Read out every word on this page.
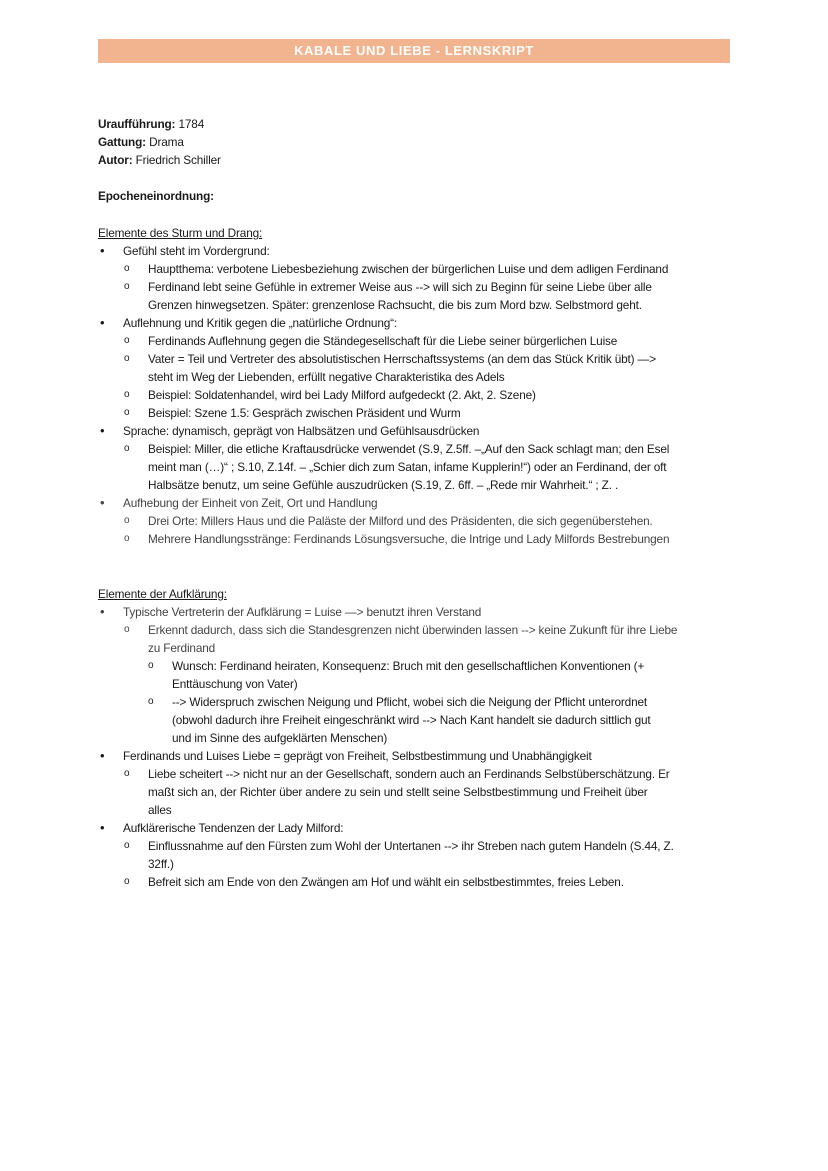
KABALE UND LIEBE - LERNSKRIPT
Uraufführung: 1784
Gattung: Drama
Autor: Friedrich Schiller
Epocheneinordnung:
Elemente des Sturm und Drang:
• Gefühl steht im Vordergrund:
o Hauptthema: verbotene Liebesbeziehung zwischen der bürgerlichen Luise und dem adligen Ferdinand
o Ferdinand lebt seine Gefühle in extremer Weise aus --> will sich zu Beginn für seine Liebe über alle
Grenzen hinwegsetzen. Später: grenzenlose Rachsucht, die bis zum Mord bzw. Selbstmord geht.
• Auflehnung und Kritik gegen die „natürliche Ordnung“:
o Ferdinands Auflehnung gegen die Ständegesellschaft für die Liebe seiner bürgerlichen Luise
o Vater = Teil und Vertreter des absolutistischen Herrschaftssystems (an dem das Stück Kritik übt) —>
steht im Weg der Liebenden, erfüllt negative Charakteristika des Adels
o Beispiel: Soldatenhandel, wird bei Lady Milford aufgedeckt (2. Akt, 2. Szene)
o Beispiel: Szene 1.5: Gespräch zwischen Präsident und Wurm
• Sprache: dynamisch, geprägt von Halbsätzen und Gefühlsausdrücken
o Beispiel: Miller, die etliche Kraftausdrücke verwendet (S.9, Z.5ff. –„Auf den Sack schlagt man; den Esel
meint man (…)“ ; S.10, Z.14f. – „Schier dich zum Satan, infame Kupplerin!“) oder an Ferdinand, der oft
Halbsätze benutz, um seine Gefühle auszudrücken (S.19, Z. 6ff. – „Rede mir Wahrheit.“ ; Z. .
• Aufhebung der Einheit von Zeit, Ort und Handlung
o Drei Orte: Millers Haus und die Paläste der Milford und des Präsidenten, die sich gegenüberstehen.
o Mehrere Handlungsstränge: Ferdinands Lösungsversuche, die Intrige und Lady Milfords Bestrebungen
Elemente der Aufklärung:
• Typische Vertreterin der Aufklärung = Luise —> benutzt ihren Verstand
o Erkennt dadurch, dass sich die Standesgrenzen nicht überwinden lassen --> keine Zukunft für ihre Liebe
zu Ferdinand
o Wunsch: Ferdinand heiraten, Konsequenz: Bruch mit den gesellschaftlichen Konventionen (+
Enttäuschung von Vater)
o --> Widerspruch zwischen Neigung und Pflicht, wobei sich die Neigung der Pflicht unterordnet
(obwohl dadurch ihre Freiheit eingeschränkt wird --> Nach Kant handelt sie dadurch sittlich gut
und im Sinne des aufgeklärten Menschen)
• Ferdinands und Luises Liebe = geprägt von Freiheit, Selbstbestimmung und Unabhängigkeit
o Liebe scheitert --> nicht nur an der Gesellschaft, sondern auch an Ferdinands Selbstüberschätzung. Er
maßt sich an, der Richter über andere zu sein und stellt seine Selbstbestimmung und Freiheit über
alles
• Aufklärerische Tendenzen der Lady Milford:
o Einflussnahme auf den Fürsten zum Wohl der Untertanen --> ihr Streben nach gutem Handeln (S.44, Z.
32ff.)
o Befreit sich am Ende von den Zwängen am Hof und wählt ein selbstbestimmtes, freies Leben.
